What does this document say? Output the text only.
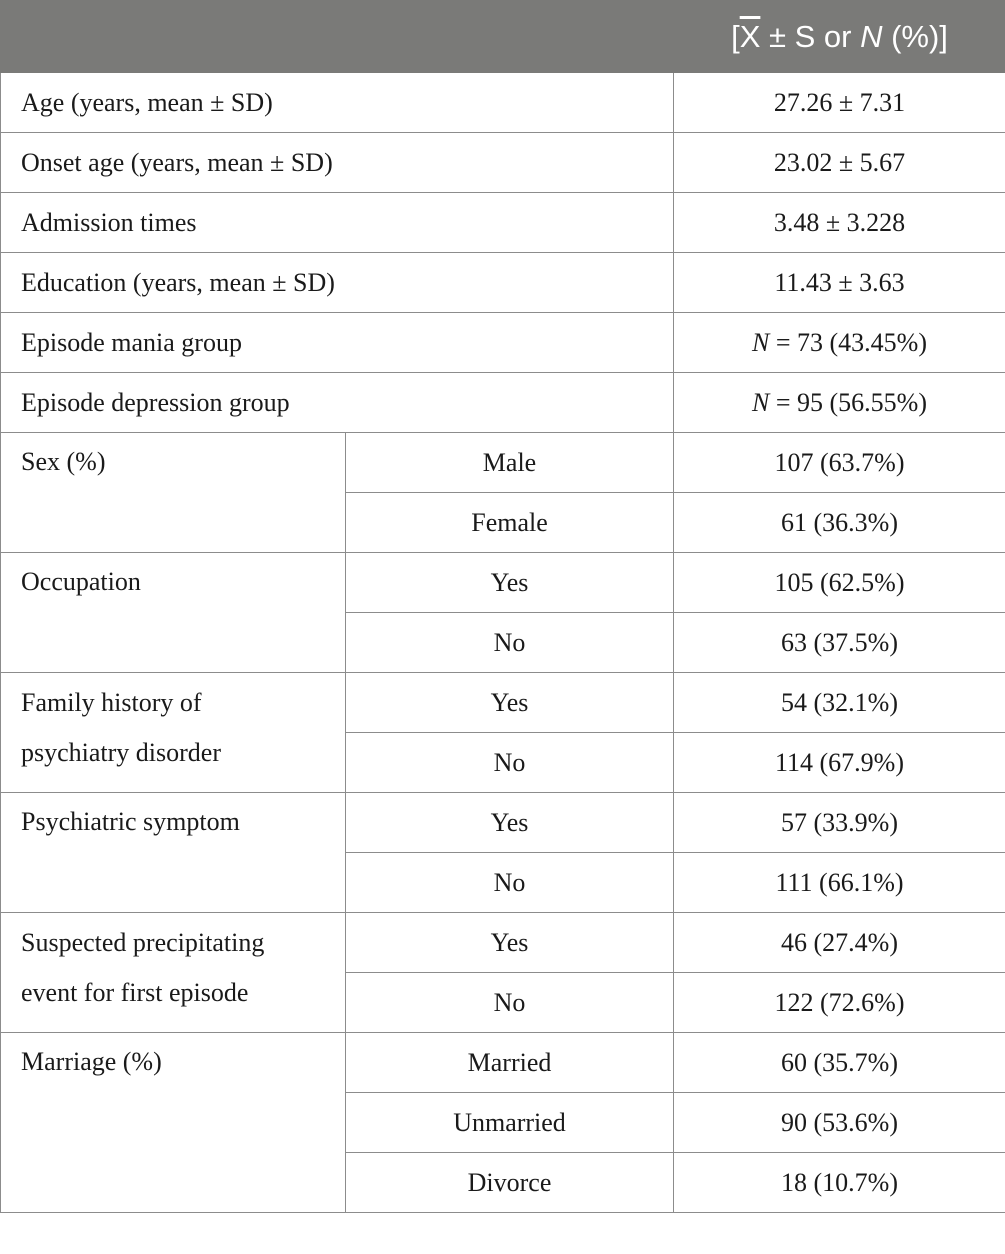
		[$\overline{X} \pm S$ or N (%)]
Age (years, mean ± SD)		27.26 ± 7.31
Onset age (years, mean ± SD)		23.02 ± 5.67
Admission times		3.48 ± 3.228
Education (years, mean ± SD)		11.43 ± 3.63
Episode mania group		N = 73 (43.45%)
Episode depression group		N = 95 (56.55%)
Sex (%)	Male	107 (63.7%)
	Female	61 (36.3%)
Occupation	Yes	105 (62.5%)
	No	63 (37.5%)
Family history of psychiatry disorder	Yes	54 (32.1%)
	No	114 (67.9%)
Psychiatric symptom	Yes	57 (33.9%)
	No	111 (66.1%)
Suspected precipitating event for first episode	Yes	46 (27.4%)
	No	122 (72.6%)
Marriage (%)	Married	60 (35.7%)
	Unmarried	90 (53.6%)
	Divorce	18 (10.7%)
